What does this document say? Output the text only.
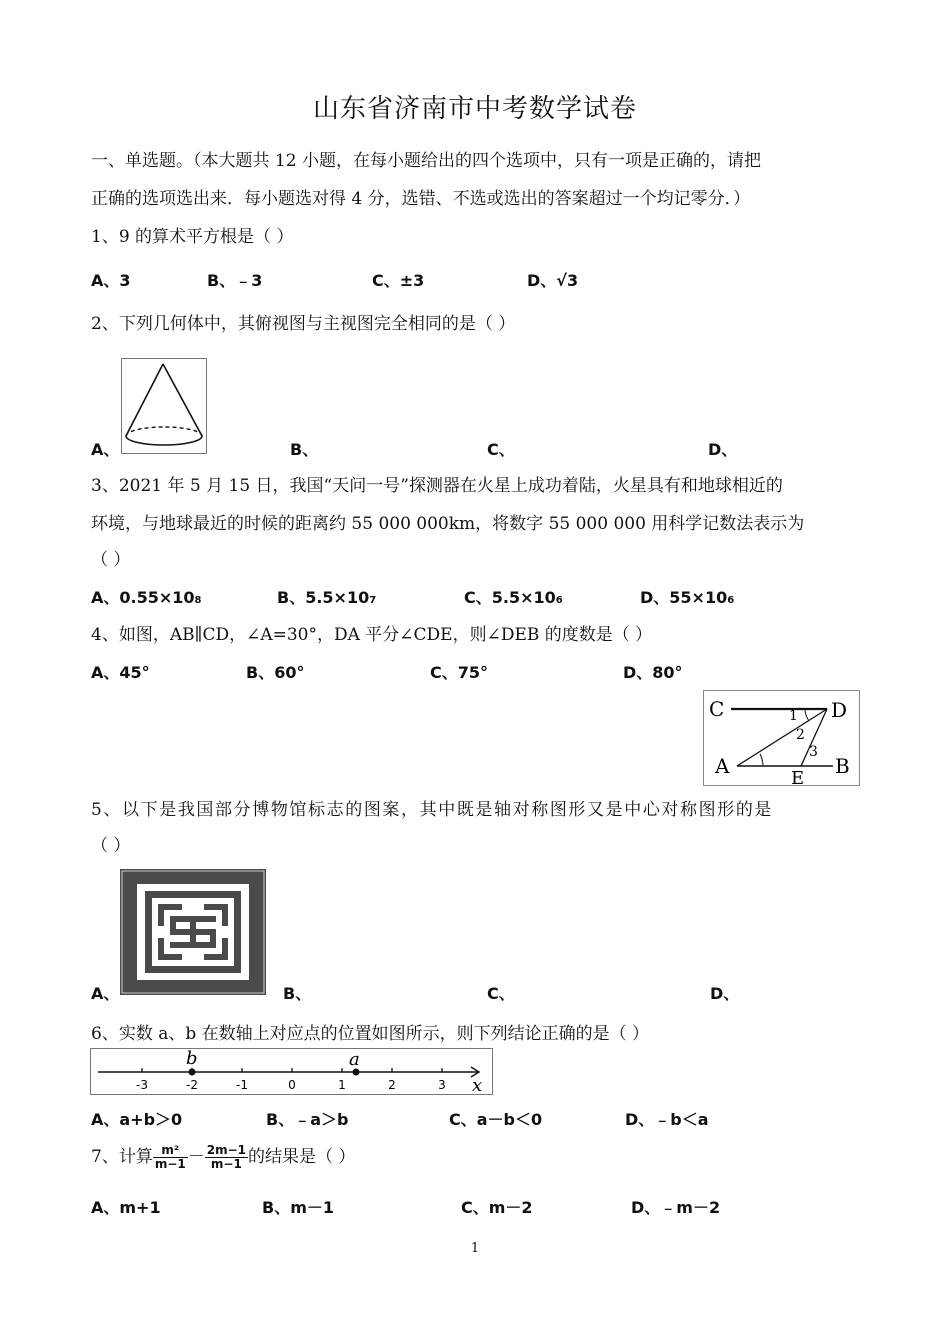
山东省济南市中考数学试卷
一、单选题。（本大题共 12 小题，在每小题给出的四个选项中，只有一项是正确的，请把
正确的选项选出来．每小题选对得 4 分，选错、不选或选出的答案超过一个均记零分．）
1、9 的算术平方根是（ ）
A、3	B、﹣3	C、±3	D、√3
2、下列几何体中，其俯视图与主视图完全相同的是（ ）
A、	B、	C、	D、
3、2021 年 5 月 15 日，我国“天问一号”探测器在火星上成功着陆，火星具有和地球相近的
环境，与地球最近的时候的距离约 55 000 000km，将数字 55 000 000 用科学记数法表示为
（ ）
A、0.55×108	B、5.5×107	C、5.5×106	D、55×106
4、如图，AB∥CD，∠A=30°，DA 平分∠CDE，则∠DEB 的度数是（ ）
A、45°	B、60°	C、75°	D、80°
C	D
A
E
B
1
2
3
5、以下是我国部分博物馆标志的图案，其中既是轴对称图形又是中心对称图形的是
（ ）
A、	B、	C、	D、
6、实数 a、b 在数轴上对应点的位置如图所示，则下列结论正确的是（ ）
-3	-2	-1	0	1	2	3
b	a
x
A、a+b＞0	B、﹣a＞b	C、a－b＜0	D、﹣b＜a
7、计算 $\frac{\text{m²}}{m-1} - \frac{2m-1}{m-1}$ 的结果是（ ）
A、m+1	B、m－1	C、m－2	D、﹣m－2
1
